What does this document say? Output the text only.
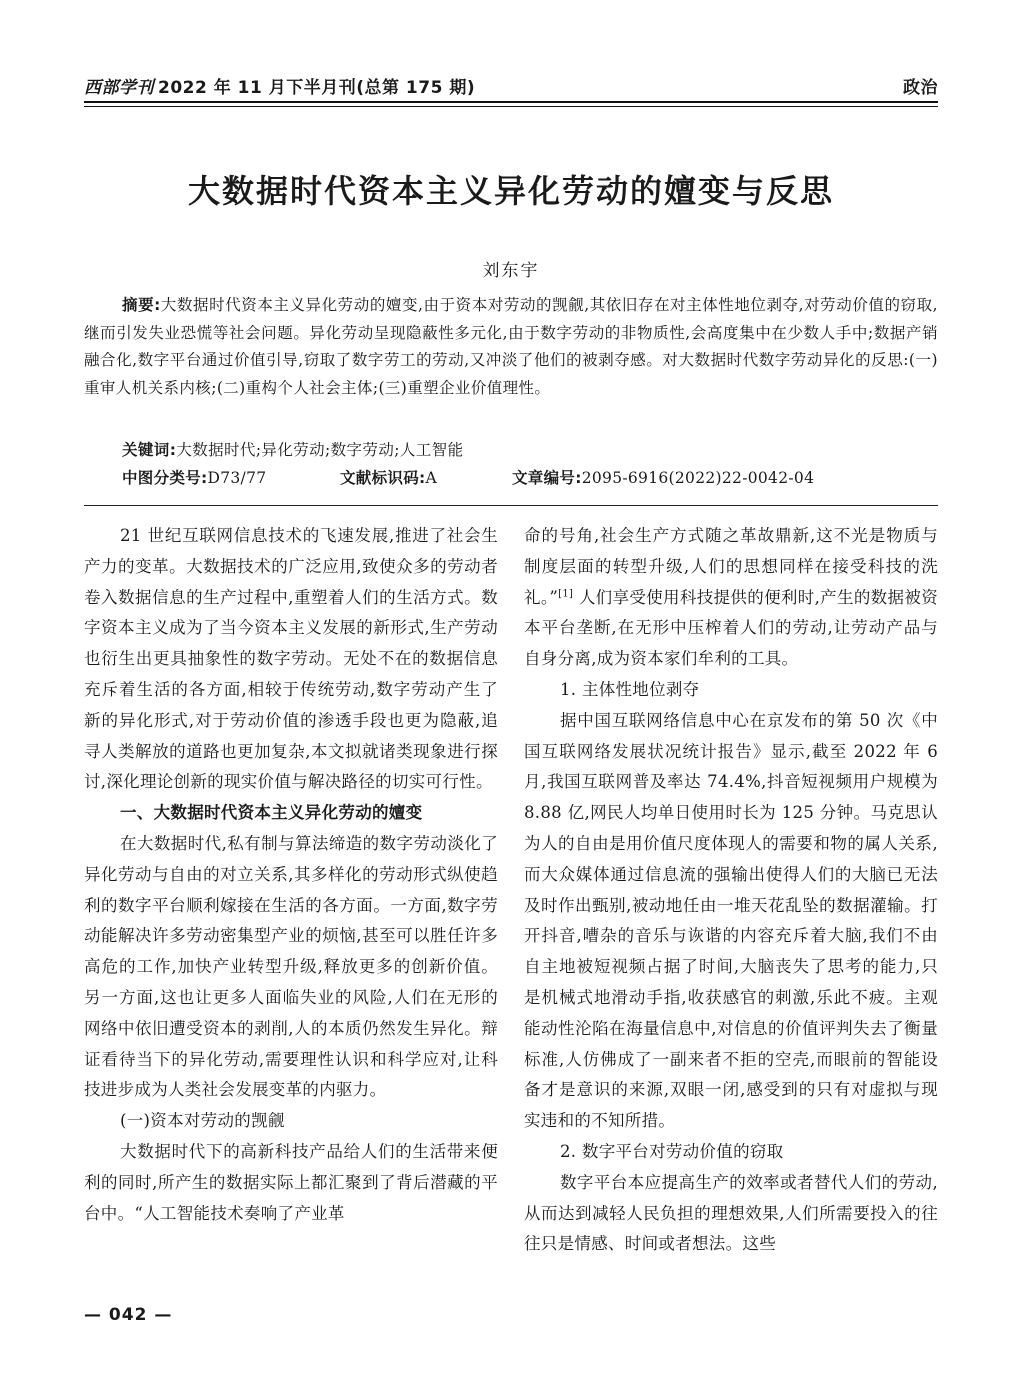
西部学刊 2022 年 11 月下半月刊(总第 175 期)	政治
大数据时代资本主义异化劳动的嬗变与反思
刘东宇
摘要:大数据时代资本主义异化劳动的嬗变,由于资本对劳动的觊觎,其依旧存在对主体性地位剥夺,对劳动价值的窃取,继而引发失业恐慌等社会问题。异化劳动呈现隐蔽性多元化,由于数字劳动的非物质性,会高度集中在少数人手中;数据产销融合化,数字平台通过价值引导,窃取了数字劳工的劳动,又冲淡了他们的被剥夺感。对大数据时代数字劳动异化的反思:(一)重审人机关系内核;(二)重构个人社会主体;(三)重塑企业价值理性。
关键词:大数据时代;异化劳动;数字劳动;人工智能
中图分类号:D73/77	文献标识码:A	文章编号:2095-6916(2022)22-0042-04

21 世纪互联网信息技术的飞速发展,推进了社会生产力的变革。大数据技术的广泛应用,致使众多的劳动者卷入数据信息的生产过程中,重塑着人们的生活方式。数字资本主义成为了当今资本主义发展的新形式,生产劳动也衍生出更具抽象性的数字劳动。无处不在的数据信息充斥着生活的各方面,相较于传统劳动,数字劳动产生了新的异化形式,对于劳动价值的渗透手段也更为隐蔽,追寻人类解放的道路也更加复杂,本文拟就诸类现象进行探讨,深化理论创新的现实价值与解决路径的切实可行性。

一、大数据时代资本主义异化劳动的嬗变

在大数据时代,私有制与算法缔造的数字劳动淡化了异化劳动与自由的对立关系,其多样化的劳动形式纵使趋利的数字平台顺利嫁接在生活的各方面。一方面,数字劳动能解决许多劳动密集型产业的烦恼,甚至可以胜任许多高危的工作,加快产业转型升级,释放更多的创新价值。另一方面,这也让更多人面临失业的风险,人们在无形的网络中依旧遭受资本的剥削,人的本质仍然发生异化。辩证看待当下的异化劳动,需要理性认识和科学应对,让科技进步成为人类社会发展变革的内驱力。

(一)资本对劳动的觊觎

大数据时代下的高新科技产品给人们的生活带来便利的同时,所产生的数据实际上都汇聚到了背后潜藏的平台中。“人工智能技术奏响了产业革

命的号角,社会生产方式随之革故鼎新,这不光是物质与制度层面的转型升级,人们的思想同样在接受科技的洗礼。”[1] 人们享受使用科技提供的便利时,产生的数据被资本平台垄断,在无形中压榨着人们的劳动,让劳动产品与自身分离,成为资本家们牟利的工具。

1. 主体性地位剥夺

据中国互联网络信息中心在京发布的第 50 次《中国互联网络发展状况统计报告》显示,截至 2022 年 6 月,我国互联网普及率达 74.4%,抖音短视频用户规模为 8.88 亿,网民人均单日使用时长为 125 分钟。马克思认为人的自由是用价值尺度体现人的需要和物的属人关系,而大众媒体通过信息流的强输出使得人们的大脑已无法及时作出甄别,被动地任由一堆天花乱坠的数据灌输。打开抖音,嘈杂的音乐与诙谐的内容充斥着大脑,我们不由自主地被短视频占据了时间,大脑丧失了思考的能力,只是机械式地滑动手指,收获感官的刺激,乐此不疲。主观能动性沦陷在海量信息中,对信息的价值评判失去了衡量标准,人仿佛成了一副来者不拒的空壳,而眼前的智能设备才是意识的来源,双眼一闭,感受到的只有对虚拟与现实违和的不知所措。

2. 数字平台对劳动价值的窃取

数字平台本应提高生产的效率或者替代人们的劳动,从而达到减轻人民负担的理想效果,人们所需要投入的往往只是情感、时间或者想法。这些

— 042 —
